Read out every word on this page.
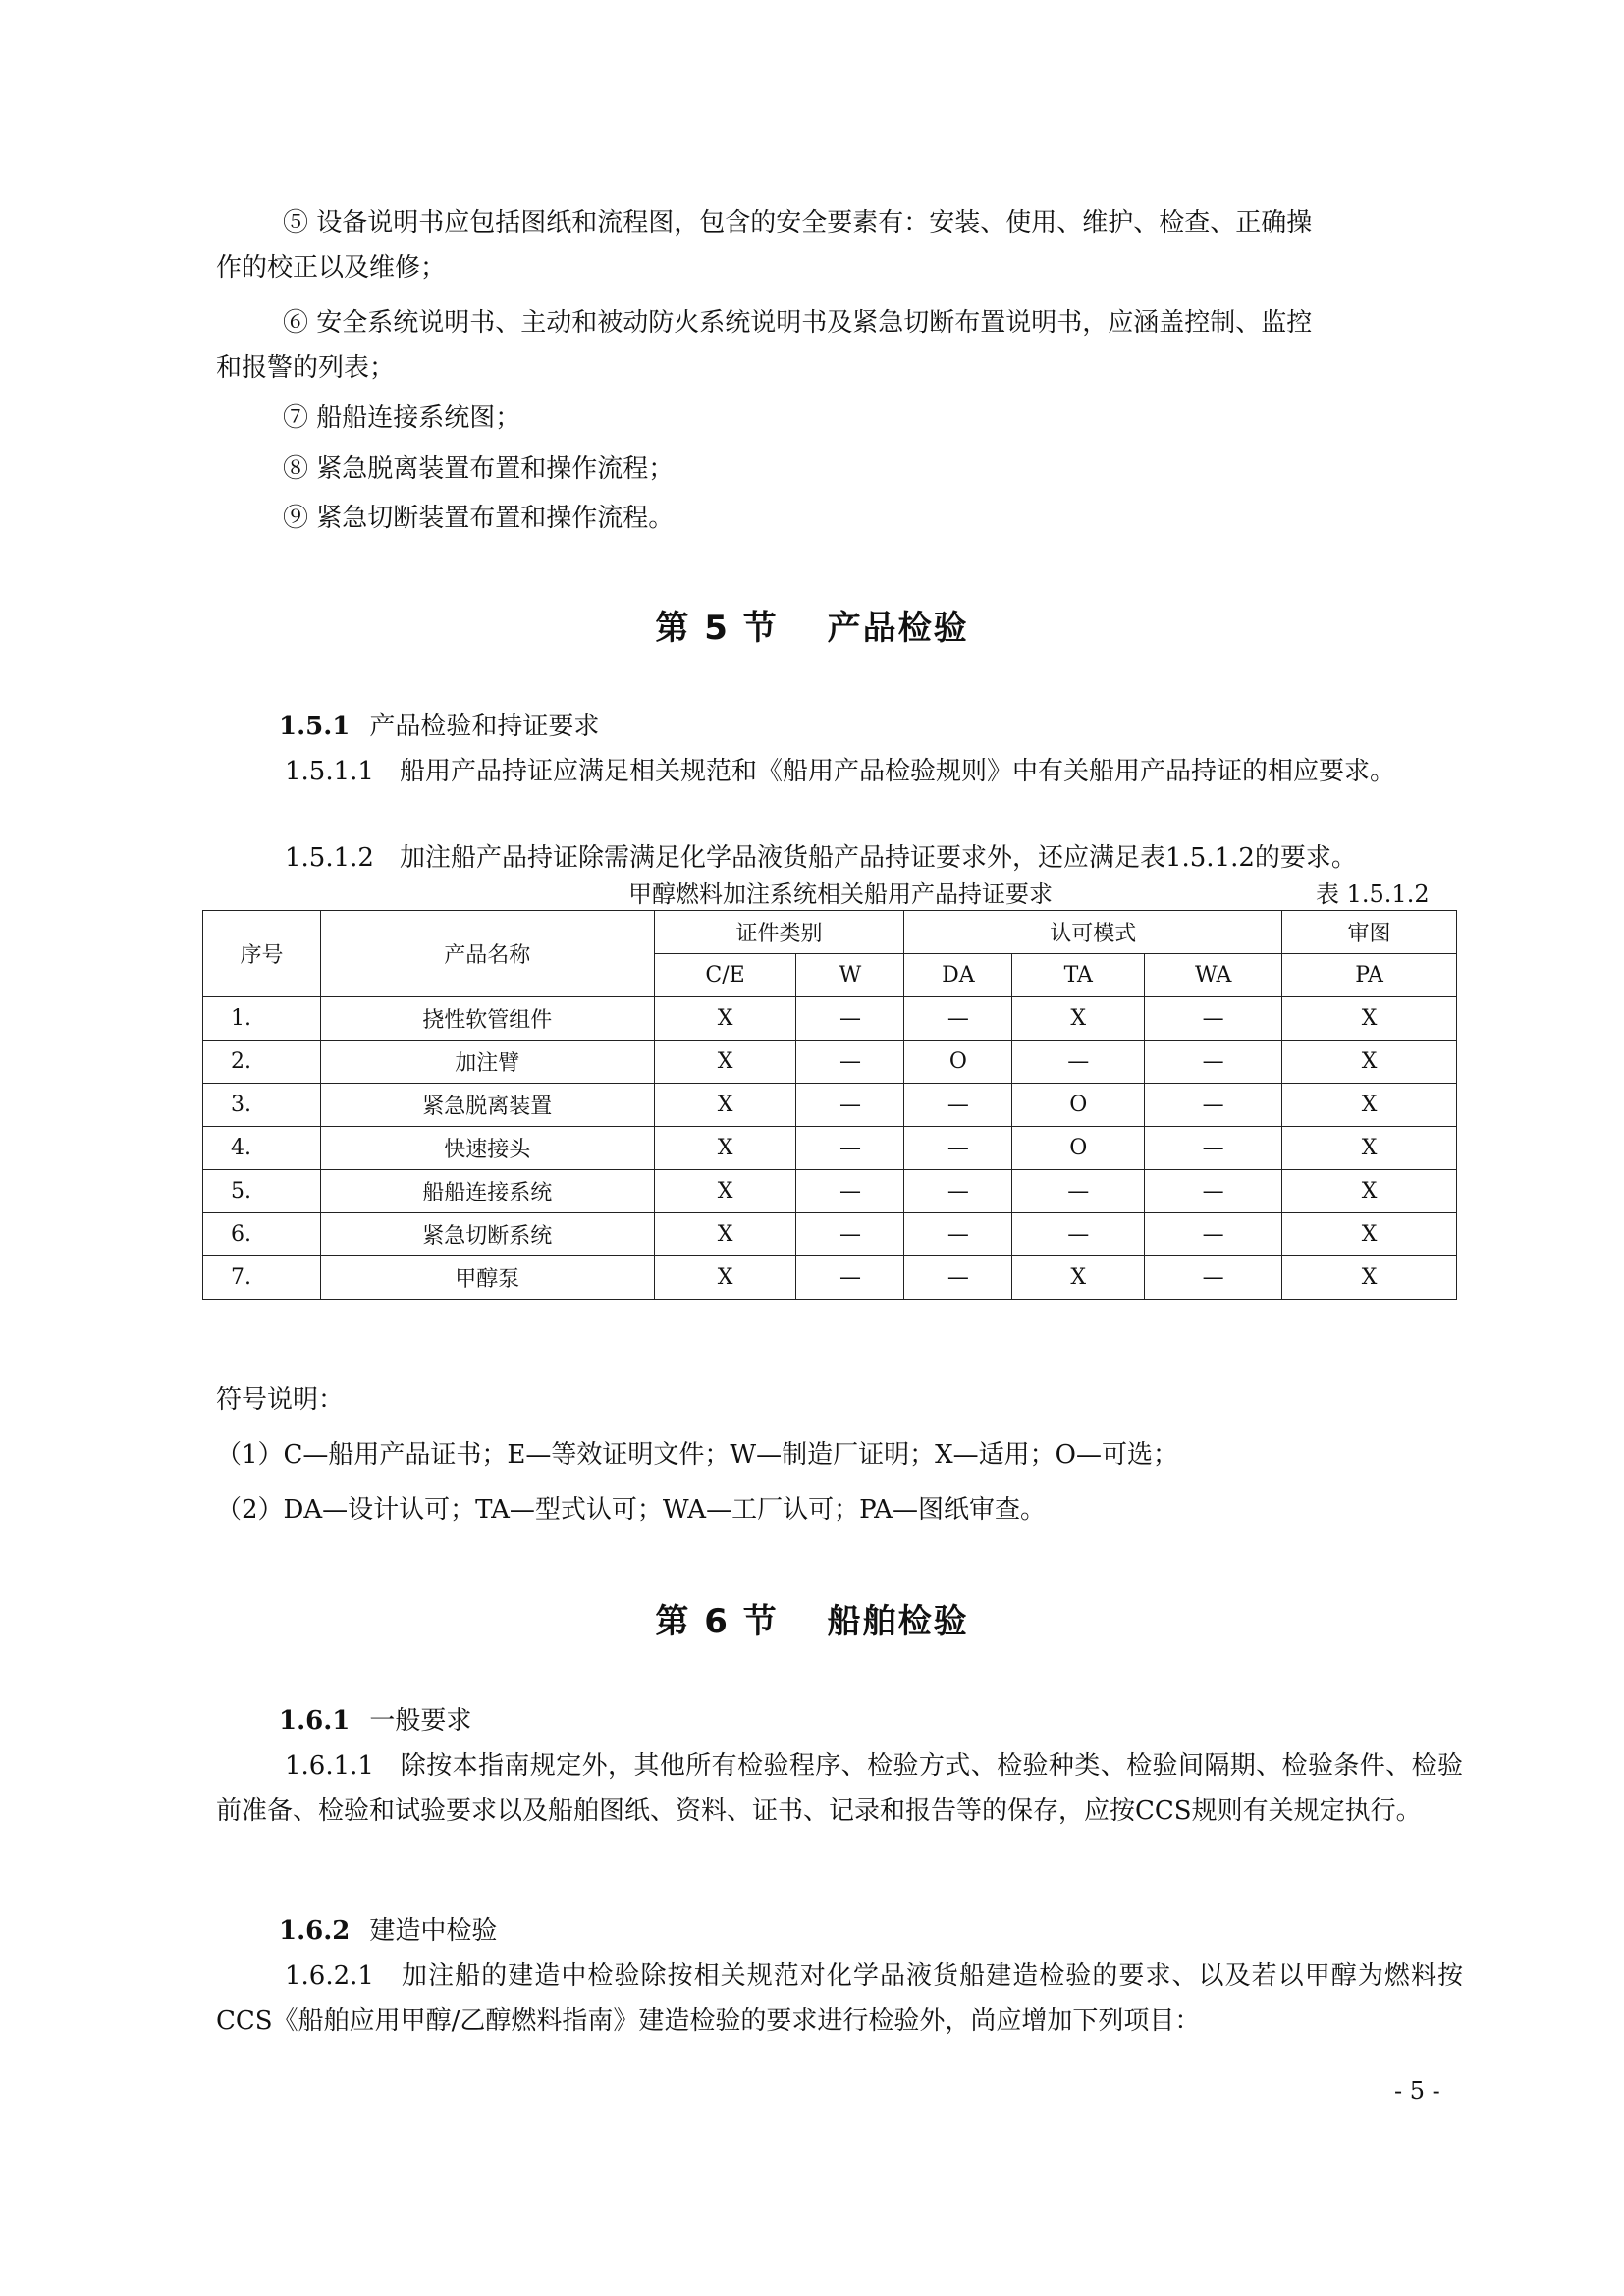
⑤ 设备说明书应包括图纸和流程图，包含的安全要素有：安装、使用、维护、检查、正确操
作的校正以及维修；
⑥ 安全系统说明书、主动和被动防火系统说明书及紧急切断布置说明书，应涵盖控制、监控
和报警的列表；
⑦ 船船连接系统图；
⑧ 紧急脱离装置布置和操作流程；
⑨ 紧急切断装置布置和操作流程。
第 5 节　 产品检验
1.5.1 产品检验和持证要求
1.5.1.1　船用产品持证应满足相关规范和《船用产品检验规则》中有关船用产品持证的相应要求。
1.5.1.2　加注船产品持证除需满足化学品液货船产品持证要求外，还应满足表1.5.1.2的要求。
甲醇燃料加注系统相关船用产品持证要求	表 1.5.1.2
序号	产品名称	证件类别		认可模式			审图
		C/E	W	DA	TA	WA	PA
1.	挠性软管组件	X	—	—	X	—	X
2.	加注臂	X	—	O	—	—	X
3.	紧急脱离装置	X	—	—	O	—	X
4.	快速接头	X	—	—	O	—	X
5.	船船连接系统	X	—	—	—	—	X
6.	紧急切断系统	X	—	—	—	—	X
7.	甲醇泵	X	—	—	X	—	X
符号说明：
（1）C—船用产品证书；E—等效证明文件；W—制造厂证明；X—适用；O—可选；
（2）DA—设计认可；TA—型式认可；WA—工厂认可；PA—图纸审查。
第 6 节　 船舶检验
1.6.1 一般要求
1.6.1.1　除按本指南规定外，其他所有检验程序、检验方式、检验种类、检验间隔期、检验条件、检验前准备、检验和试验要求以及船舶图纸、资料、证书、记录和报告等的保存，应按CCS规则有关规定执行。
1.6.2 建造中检验
1.6.2.1　加注船的建造中检验除按相关规范对化学品液货船建造检验的要求、以及若以甲醇为燃料按CCS《船舶应用甲醇/乙醇燃料指南》建造检验的要求进行检验外，尚应增加下列项目：
- 5 -
